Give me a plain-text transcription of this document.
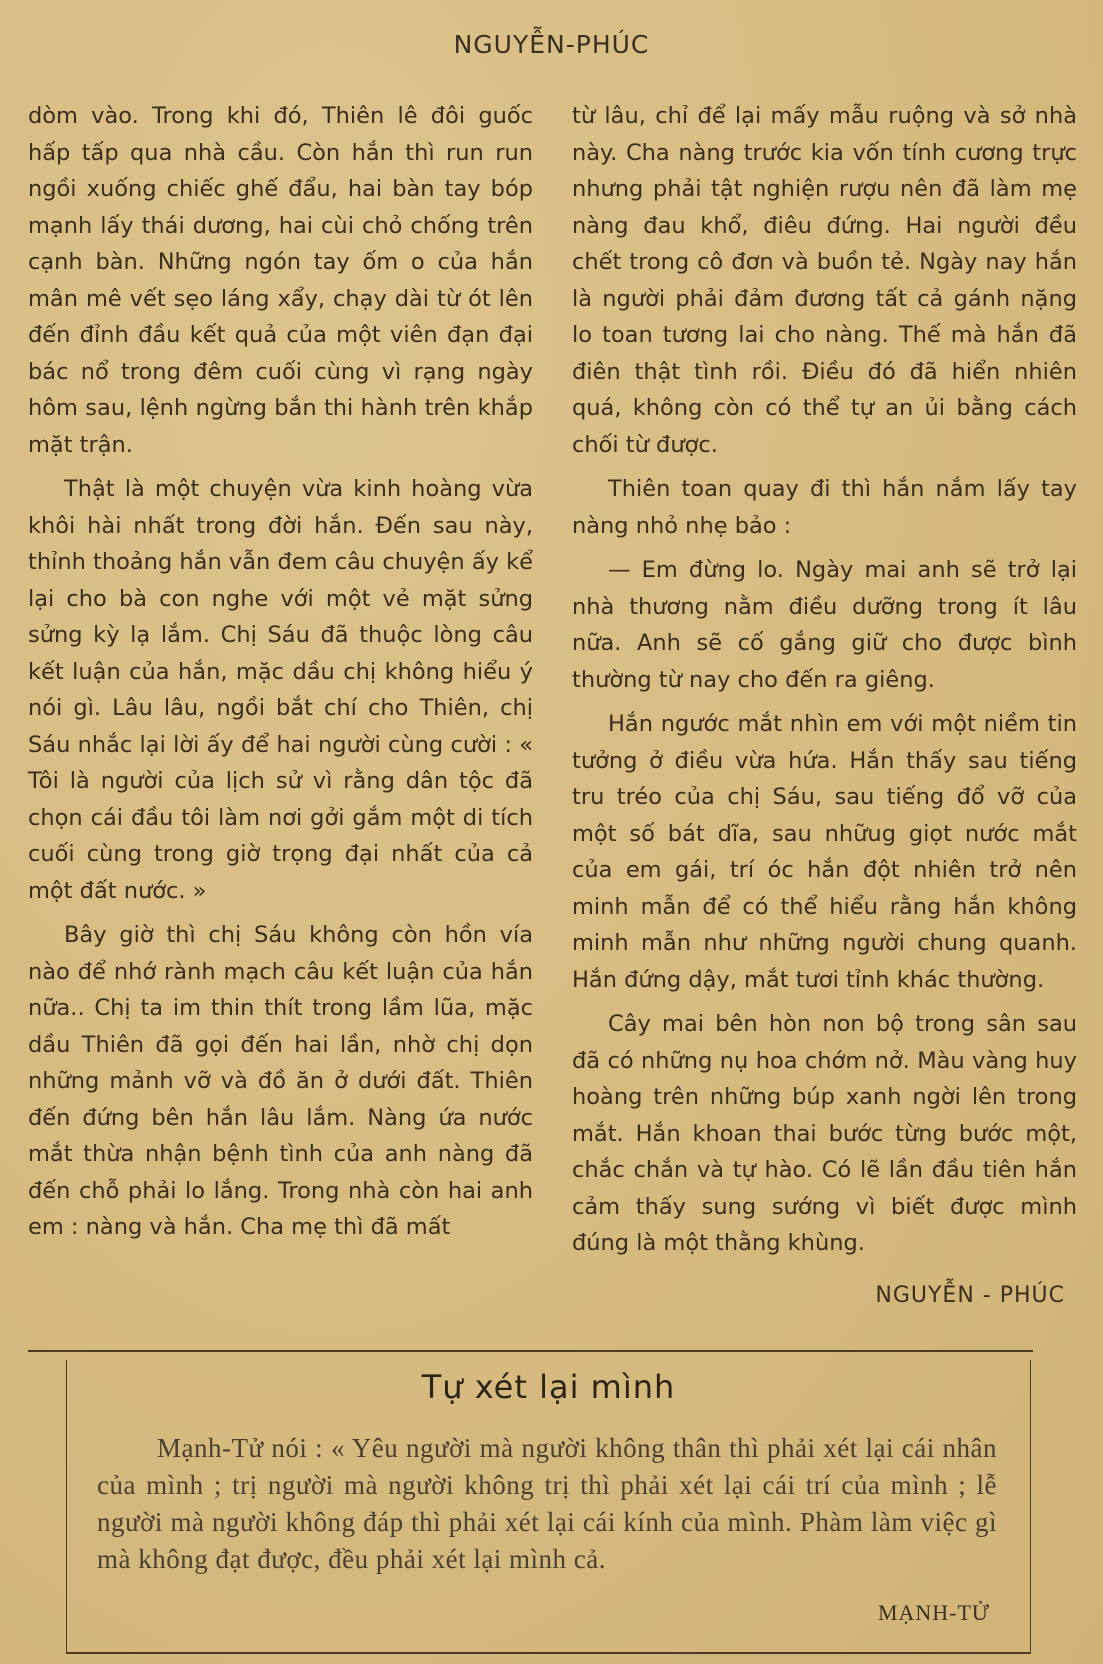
NGUYỄN-PHÚC

dòm vào. Trong khi đó, Thiên lê đôi guốc hấp tấp qua nhà cầu. Còn hắn thì run run ngồi xuống chiếc ghế đẩu, hai bàn tay bóp mạnh lấy thái dương, hai cùi chỏ chống trên cạnh bàn. Những ngón tay ốm o của hắn mân mê vết sẹo láng xẩy, chạy dài từ ót lên đến đỉnh đầu kết quả của một viên đạn đại bác nổ trong đêm cuối cùng vì rạng ngày hôm sau, lệnh ngừng bắn thi hành trên khắp mặt trận.

Thật là một chuyện vừa kinh hoàng vừa khôi hài nhất trong đời hắn. Đến sau này, thỉnh thoảng hắn vẫn đem câu chuyện ấy kể lại cho bà con nghe với một vẻ mặt sửng sửng kỳ lạ lắm. Chị Sáu đã thuộc lòng câu kết luận của hắn, mặc dầu chị không hiểu ý nói gì. Lâu lâu, ngồi bắt chí cho Thiên, chị Sáu nhắc lại lời ấy để hai người cùng cười : « Tôi là người của lịch sử vì rằng dân tộc đã chọn cái đầu tôi làm nơi gởi gắm một di tích cuối cùng trong giờ trọng đại nhất của cả một đất nước. »

Bây giờ thì chị Sáu không còn hồn vía nào để nhớ rành mạch câu kết luận của hắn nữa.. Chị ta im thin thít trong lầm lũa, mặc dầu Thiên đã gọi đến hai lần, nhờ chị dọn những mảnh vỡ và đồ ăn ở dưới đất. Thiên đến đứng bên hắn lâu lắm. Nàng ứa nước mắt thừa nhận bệnh tình của anh nàng đã đến chỗ phải lo lắng. Trong nhà còn hai anh em : nàng và hắn. Cha mẹ thì đã mất

từ lâu, chỉ để lại mấy mẫu ruộng và sở nhà này. Cha nàng trước kia vốn tính cương trực nhưng phải tật nghiện rượu nên đã làm mẹ nàng đau khổ, điêu đứng. Hai người đều chết trong cô đơn và buồn tẻ. Ngày nay hắn là người phải đảm đương tất cả gánh nặng lo toan tương lai cho nàng. Thế mà hắn đã điên thật tình rồi. Điều đó đã hiển nhiên quá, không còn có thể tự an ủi bằng cách chối từ được.

Thiên toan quay đi thì hắn nắm lấy tay nàng nhỏ nhẹ bảo :

— Em đừng lo. Ngày mai anh sẽ trở lại nhà thương nằm điều dưỡng trong ít lâu nữa. Anh sẽ cố gắng giữ cho được bình thường từ nay cho đến ra giêng.

Hắn ngước mắt nhìn em với một niềm tin tưởng ở điều vừa hứa. Hắn thấy sau tiếng tru tréo của chị Sáu, sau tiếng đổ vỡ của một số bát dĩa, sau nhữug giọt nước mắt của em gái, trí óc hắn đột nhiên trở nên minh mẫn để có thể hiểu rằng hắn không minh mẫn như những người chung quanh. Hắn đứng dậy, mắt tươi tỉnh khác thường.

Cây mai bên hòn non bộ trong sân sau đã có những nụ hoa chớm nở. Màu vàng huy hoàng trên những búp xanh ngời lên trong mắt. Hắn khoan thai bước từng bước một, chắc chắn và tự hào. Có lẽ lần đầu tiên hắn cảm thấy sung sướng vì biết được mình đúng là một thằng khùng.

NGUYỄN - PHÚC
Tự xét lại mình
Mạnh-Tử nói : « Yêu người mà người không thân thì phải xét lại cái nhân của mình ; trị người mà người không trị thì phải xét lại cái trí của mình ; lễ người mà người không đáp thì phải xét lại cái kính của mình. Phàm làm việc gì mà không đạt được, đều phải xét lại mình cả.
MẠNH-TỬ
